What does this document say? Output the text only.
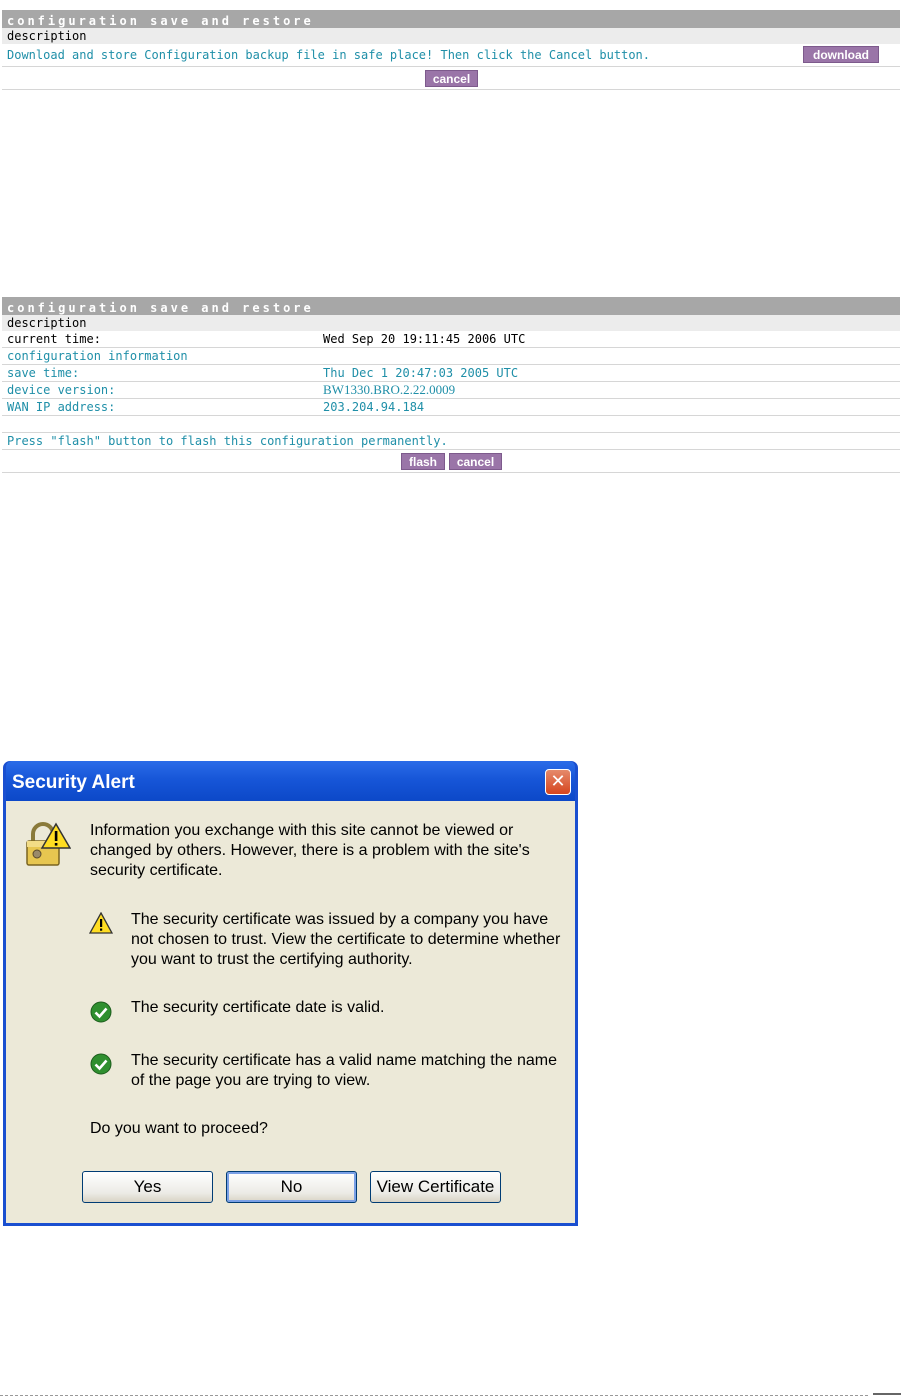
configuration save and restore
description
Download and store Configuration backup file in safe place! Then click the Cancel button.	download
cancel
configuration save and restore
description
current time:	Wed Sep 20 19:11:45 2006 UTC
configuration information
save time:	Thu Dec 1 20:47:03 2005 UTC
device version:	BW1330.BRO.2.22.0009
WAN IP address:	203.204.94.184
Press "flash" button to flash this configuration permanently.
flash	cancel
Security Alert	✕
Information you exchange with this site cannot be viewed or
changed by others. However, there is a problem with the site's
security certificate.
The security certificate was issued by a company you have
not chosen to trust. View the certificate to determine whether
you want to trust the certifying authority.
The security certificate date is valid.
The security certificate has a valid name matching the name
of the page you are trying to view.
Do you want to proceed?
Yes	No	View Certificate
